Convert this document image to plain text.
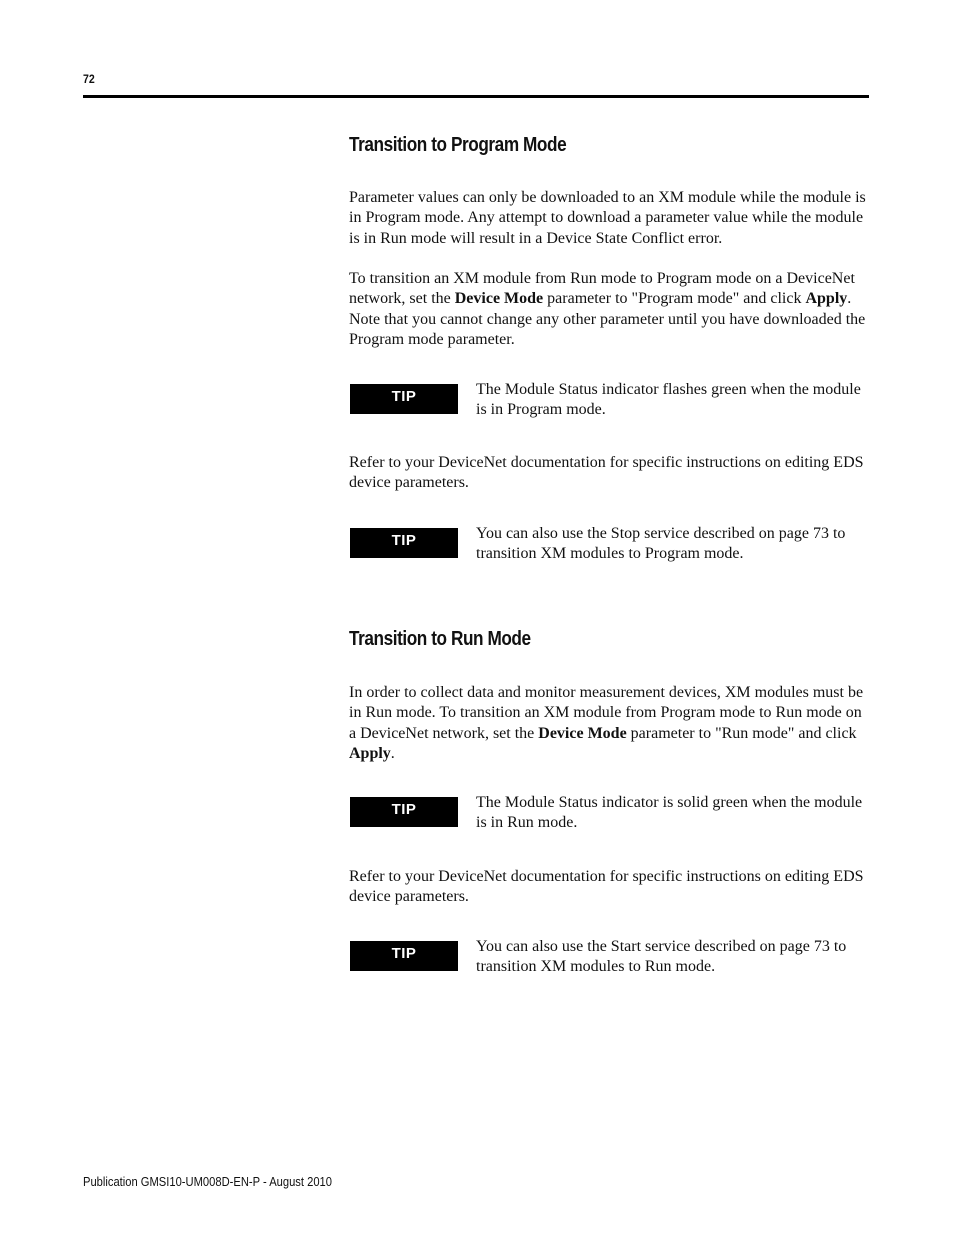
72
Transition to Program Mode

Parameter values can only be downloaded to an XM module while the module is in Program mode. Any attempt to download a parameter value while the module is in Run mode will result in a Device State Conflict error.

To transition an XM module from Run mode to Program mode on a DeviceNet network, set the Device Mode parameter to "Program mode" and click Apply. Note that you cannot change any other parameter until you have downloaded the Program mode parameter.

TIP	The Module Status indicator flashes green when the module is in Program mode.

Refer to your DeviceNet documentation for specific instructions on editing EDS device parameters.

TIP	You can also use the Stop service described on page 73 to transition XM modules to Program mode.

Transition to Run Mode

In order to collect data and monitor measurement devices, XM modules must be in Run mode. To transition an XM module from Program mode to Run mode on a DeviceNet network, set the Device Mode parameter to "Run mode" and click Apply.

TIP	The Module Status indicator is solid green when the module is in Run mode.

Refer to your DeviceNet documentation for specific instructions on editing EDS device parameters.

TIP	You can also use the Start service described on page 73 to transition XM modules to Run mode.

Publication GMSI10-UM008D-EN-P - August 2010
